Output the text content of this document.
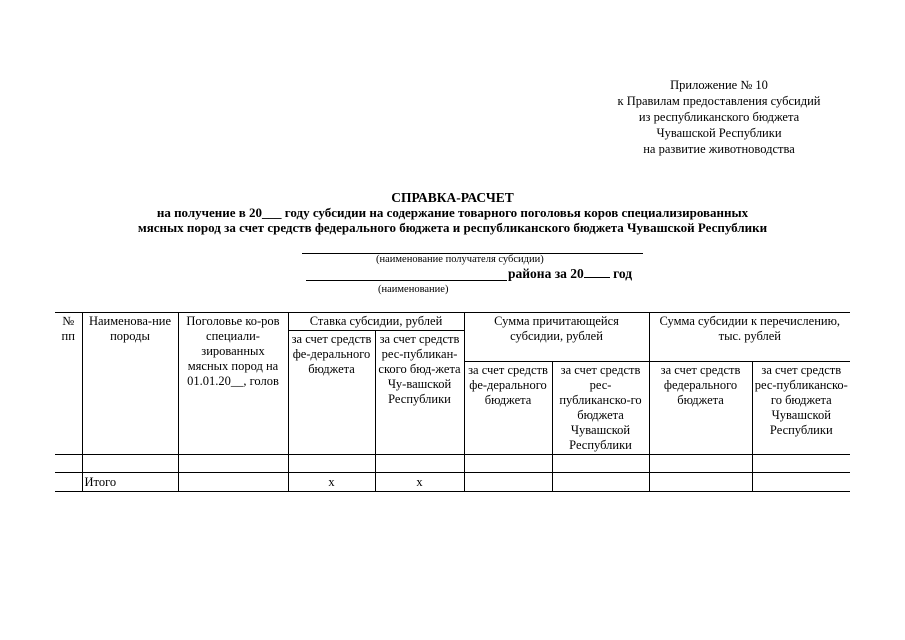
Приложение № 10
к Правилам предоставления субсидий
из республиканского бюджета
Чувашской Республики
на развитие животноводства
СПРАВКА-РАСЧЕТ
на получение в 20___ году субсидии на содержание товарного поголовья коров специализированных
мясных пород за счет средств федерального бюджета и республиканского бюджета Чувашской Республики
(наименование получателя субсидии)
района за 20 год
(наименование)
№ пп	Наименова-ние породы	Поголовье ко-ров специали-зированных мясных пород на 01.01.20__, голов	Ставка субсидии, рублей		Сумма причитающейся субсидии, рублей		Сумма субсидии к перечислению, тыс. рублей	
			за счет средств фе-дерального бюджета	за счет средств рес-публикан-ского бюд-жета Чу-вашской Республики				
					за счет средств фе-дерального бюджета	за счет средств рес-публиканско-го бюджета Чувашской Республики	за счет средств федерального бюджета	за счет средств рес-публиканско-го бюджета Чувашской Республики

	Итого		х	х				
